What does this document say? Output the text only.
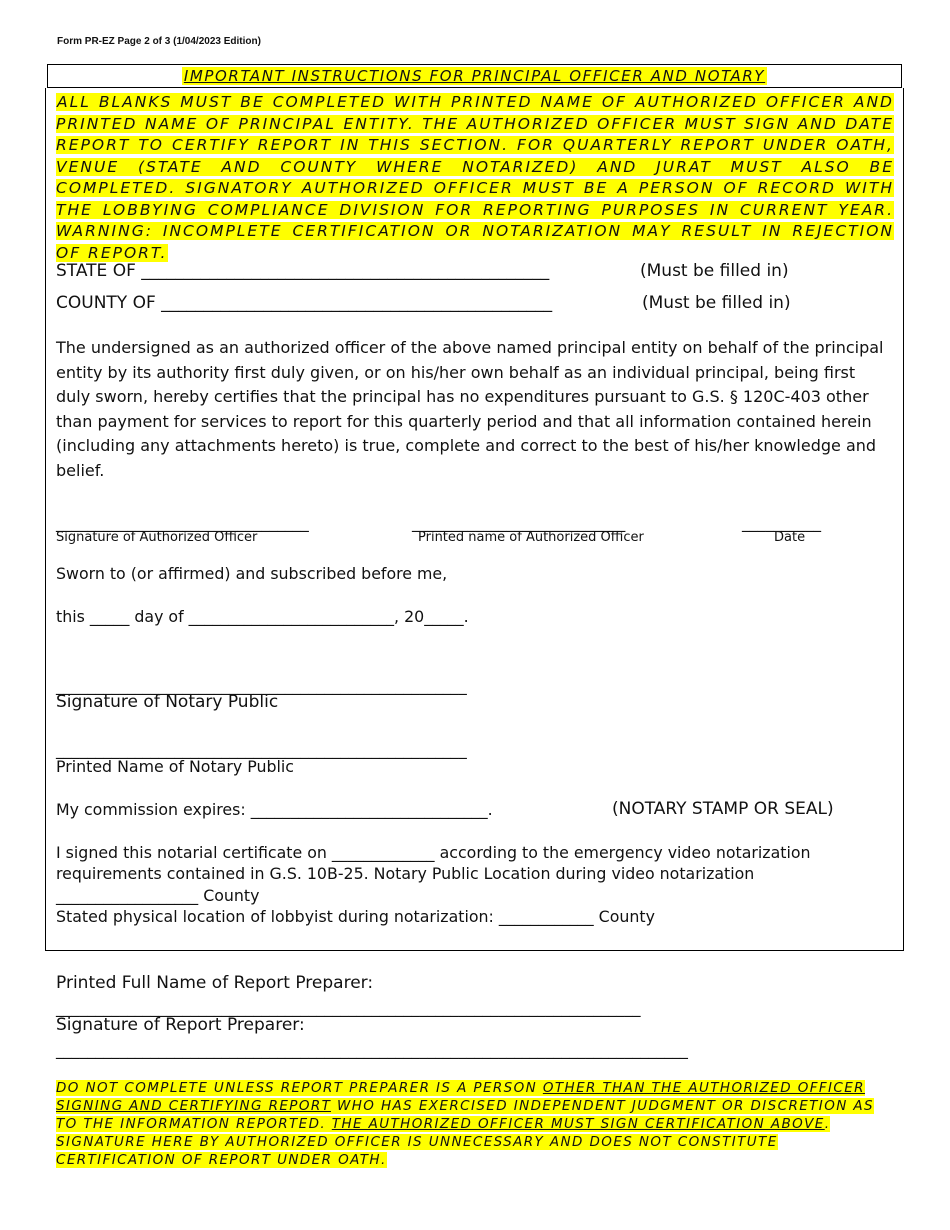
Form PR-EZ Page 2 of 3 (1/04/2023 Edition)
IMPORTANT INSTRUCTIONS FOR PRINCIPAL OFFICER AND NOTARY

ALL BLANKS MUST BE COMPLETED WITH PRINTED NAME OF AUTHORIZED OFFICER AND PRINTED NAME OF PRINCIPAL ENTITY. THE AUTHORIZED OFFICER MUST SIGN AND DATE REPORT TO CERTIFY REPORT IN THIS SECTION. FOR QUARTERLY REPORT UNDER OATH, VENUE (STATE AND COUNTY WHERE NOTARIZED) AND JURAT MUST ALSO BE COMPLETED. SIGNATORY AUTHORIZED OFFICER MUST BE A PERSON OF RECORD WITH THE LOBBYING COMPLIANCE DIVISION FOR REPORTING PURPOSES IN CURRENT YEAR. WARNING: INCOMPLETE CERTIFICATION OR NOTARIZATION MAY RESULT IN REJECTION OF REPORT.

STATE OF ________________________________________________	(Must be filled in)
COUNTY OF ______________________________________________	(Must be filled in)

The undersigned as an authorized officer of the above named principal entity on behalf of the principal entity by its authority first duly given, or on his/her own behalf as an individual principal, being first duly sworn, hereby certifies that the principal has no expenditures pursuant to G.S. § 120C-403 other than payment for services to report for this quarterly period and that all information contained herein (including any attachments hereto) is true, complete and correct to the best of his/her knowledge and belief.

________________________________	___________________________	__________
Signature of Authorized Officer	Printed name of Authorized Officer	Date
Sworn to (or affirmed) and subscribed before me,
this _____ day of __________________________, 20_____.
____________________________________________________
Signature of Notary Public
____________________________________________________
Printed Name of Notary Public
My commission expires: ______________________________.	(NOTARY STAMP OR SEAL)
I signed this notarial certificate on _____________ according to the emergency video notarization
requirements contained in G.S. 10B-25. Notary Public Location during video notarization
__________________ County
Stated physical location of lobbyist during notarization: ____________ County
Printed Full Name of Report Preparer:
__________________________________________________________________________
Signature of Report Preparer:
________________________________________________________________________________

DO NOT COMPLETE UNLESS REPORT PREPARER IS A PERSON OTHER THAN THE AUTHORIZED OFFICER SIGNING AND CERTIFYING REPORT WHO HAS EXERCISED INDEPENDENT JUDGMENT OR DISCRETION AS TO THE INFORMATION REPORTED. THE AUTHORIZED OFFICER MUST SIGN CERTIFICATION ABOVE. SIGNATURE HERE BY AUTHORIZED OFFICER IS UNNECESSARY AND DOES NOT CONSTITUTE CERTIFICATION OF REPORT UNDER OATH.
